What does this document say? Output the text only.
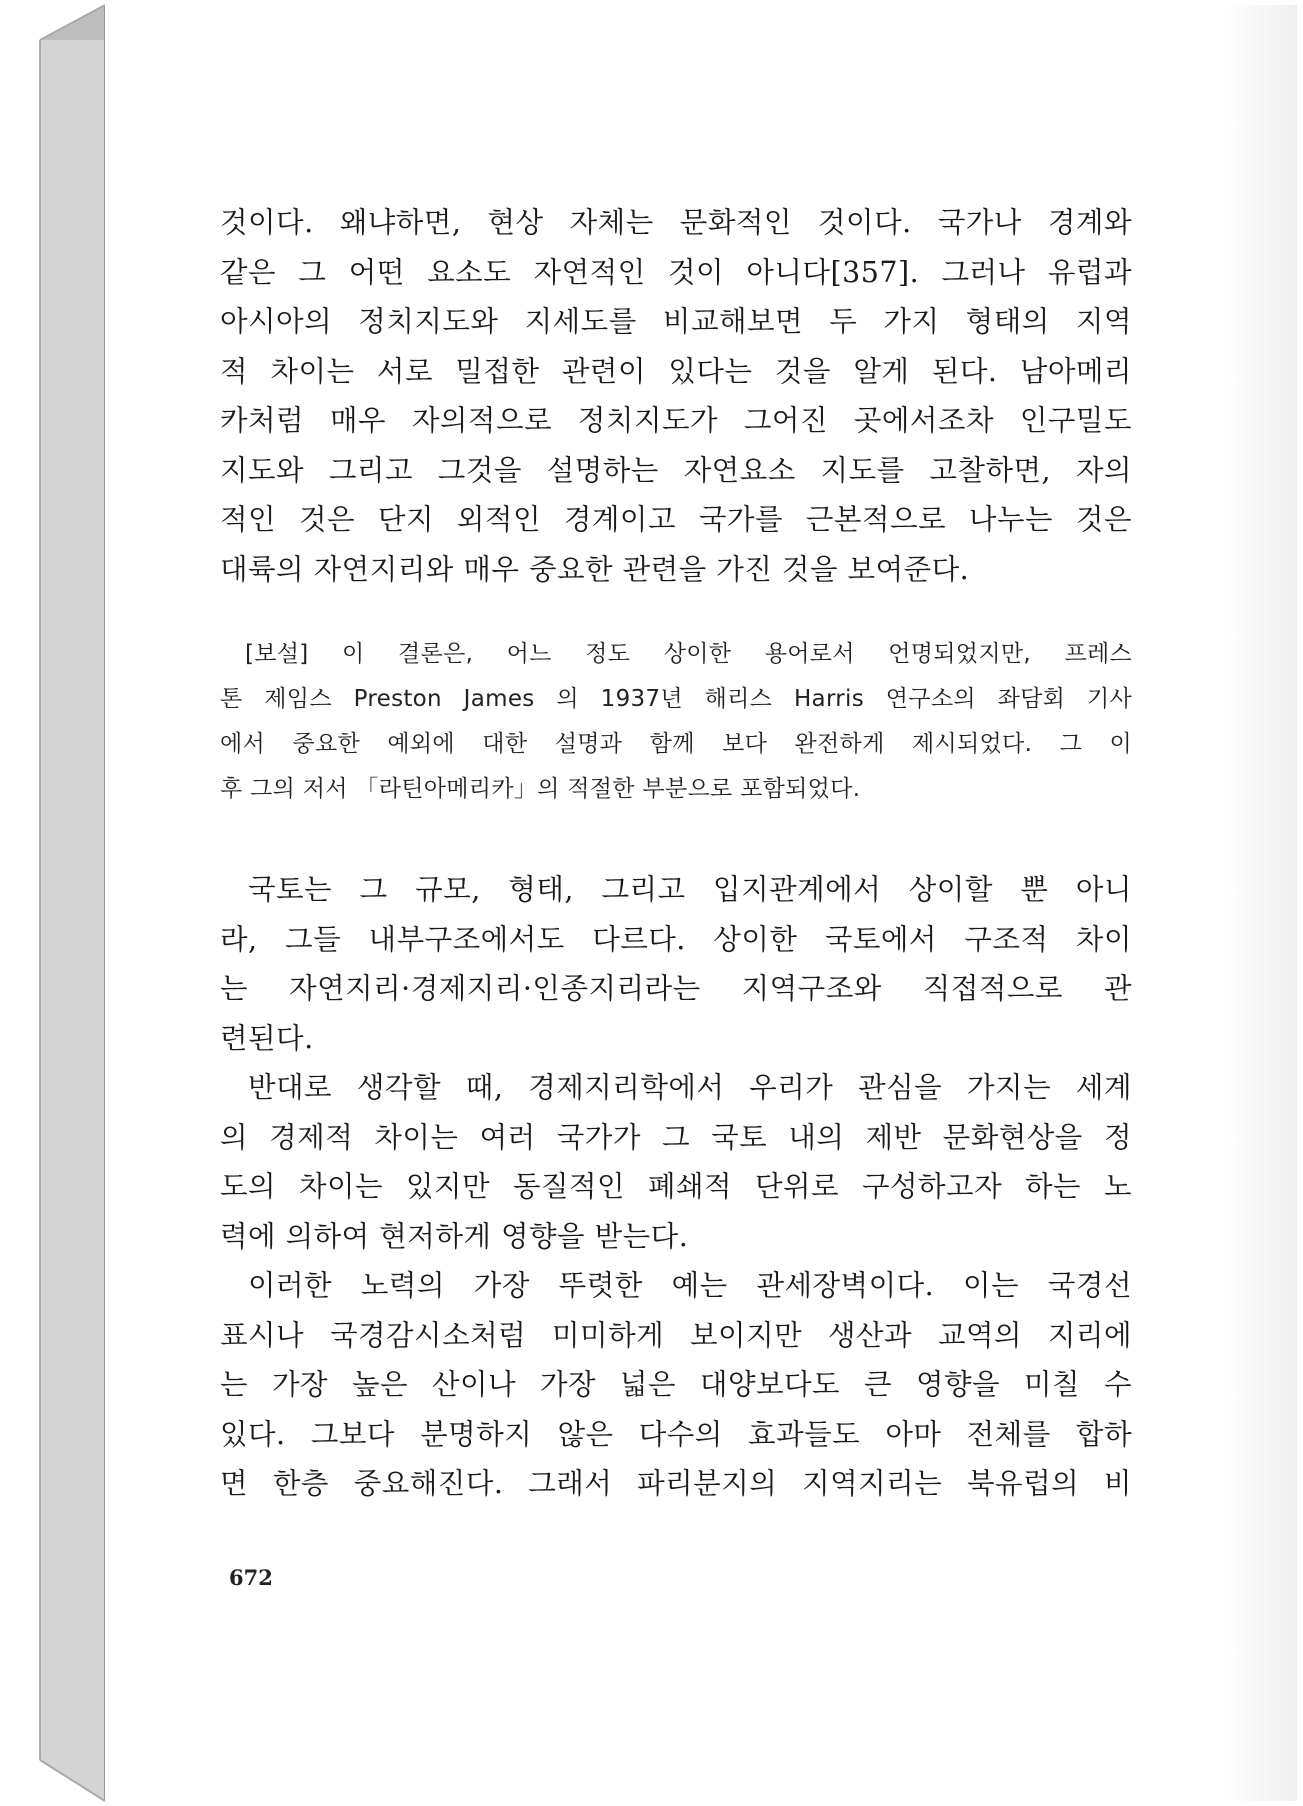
것이다. 왜냐하면, 현상 자체는 문화적인 것이다. 국가나 경계와
같은 그 어떤 요소도 자연적인 것이 아니다[357]. 그러나 유럽과
아시아의 정치지도와 지세도를 비교해보면 두 가지 형태의 지역
적 차이는 서로 밀접한 관련이 있다는 것을 알게 된다. 남아메리
카처럼 매우 자의적으로 정치지도가 그어진 곳에서조차 인구밀도
지도와 그리고 그것을 설명하는 자연요소 지도를 고찰하면, 자의
적인 것은 단지 외적인 경계이고 국가를 근본적으로 나누는 것은
대륙의 자연지리와 매우 중요한 관련을 가진 것을 보여준다.

[보설] 이 결론은, 어느 정도 상이한 용어로서 언명되었지만, 프레스
톤 제임스 Preston James 의 1937년 해리스 Harris 연구소의 좌담회 기사
에서 중요한 예외에 대한 설명과 함께 보다 완전하게 제시되었다. 그 이
후 그의 저서 「라틴아메리카」의 적절한 부분으로 포함되었다.

국토는 그 규모, 형태, 그리고 입지관계에서 상이할 뿐 아니
라, 그들 내부구조에서도 다르다. 상이한 국토에서 구조적 차이
는 자연지리·경제지리·인종지리라는 지역구조와 직접적으로 관
련된다.

반대로 생각할 때, 경제지리학에서 우리가 관심을 가지는 세계
의 경제적 차이는 여러 국가가 그 국토 내의 제반 문화현상을 정
도의 차이는 있지만 동질적인 폐쇄적 단위로 구성하고자 하는 노
력에 의하여 현저하게 영향을 받는다.

이러한 노력의 가장 뚜렷한 예는 관세장벽이다. 이는 국경선
표시나 국경감시소처럼 미미하게 보이지만 생산과 교역의 지리에
는 가장 높은 산이나 가장 넓은 대양보다도 큰 영향을 미칠 수
있다. 그보다 분명하지 않은 다수의 효과들도 아마 전체를 합하
면 한층 중요해진다. 그래서 파리분지의 지역지리는 북유럽의 비

672
